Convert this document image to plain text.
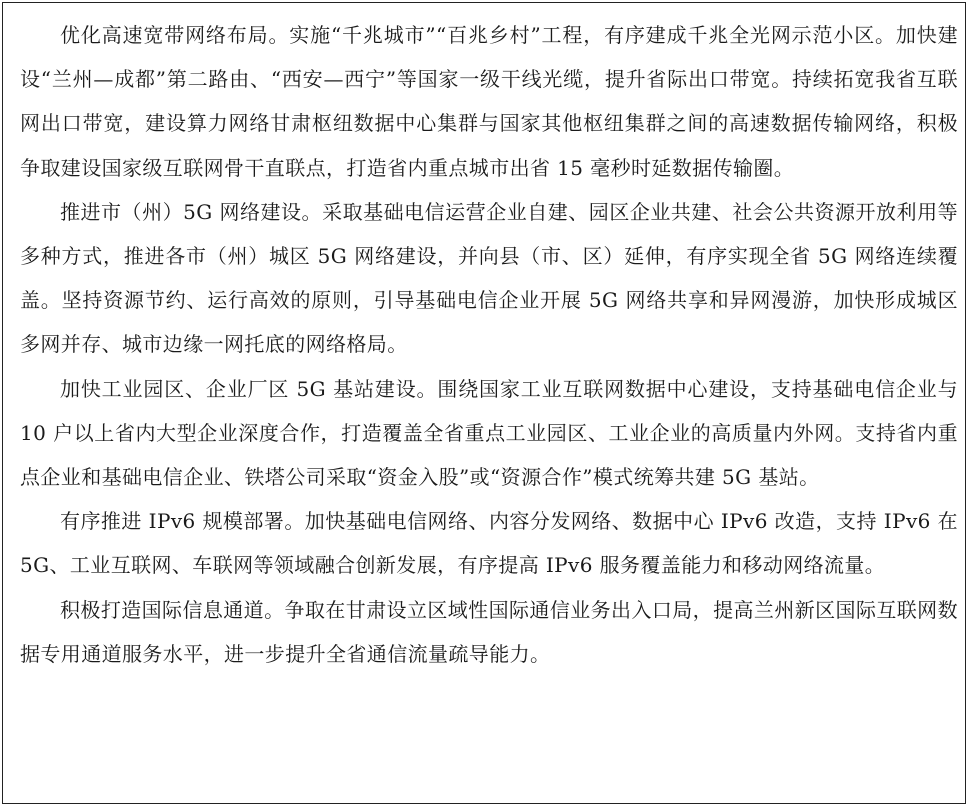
优化高速宽带网络布局。实施“千兆城市”“百兆乡村”工程，有序建成千兆全光网示范小区。加快建设“兰州—成都”第二路由、“西安—西宁”等国家一级干线光缆，提升省际出口带宽。持续拓宽我省互联网出口带宽，建设算力网络甘肃枢纽数据中心集群与国家其他枢纽集群之间的高速数据传输网络，积极争取建设国家级互联网骨干直联点，打造省内重点城市出省 15 毫秒时延数据传输圈。

推进市（州）5G 网络建设。采取基础电信运营企业自建、园区企业共建、社会公共资源开放利用等多种方式，推进各市（州）城区 5G 网络建设，并向县（市、区）延伸，有序实现全省 5G 网络连续覆盖。坚持资源节约、运行高效的原则，引导基础电信企业开展 5G 网络共享和异网漫游，加快形成城区多网并存、城市边缘一网托底的网络格局。

加快工业园区、企业厂区 5G 基站建设。围绕国家工业互联网数据中心建设，支持基础电信企业与 10 户以上省内大型企业深度合作，打造覆盖全省重点工业园区、工业企业的高质量内外网。支持省内重点企业和基础电信企业、铁塔公司采取“资金入股”或“资源合作”模式统筹共建 5G 基站。

有序推进 IPv6 规模部署。加快基础电信网络、内容分发网络、数据中心 IPv6 改造，支持 IPv6 在 5G、工业互联网、车联网等领域融合创新发展，有序提高 IPv6 服务覆盖能力和移动网络流量。

积极打造国际信息通道。争取在甘肃设立区域性国际通信业务出入口局，提高兰州新区国际互联网数据专用通道服务水平，进一步提升全省通信流量疏导能力。
